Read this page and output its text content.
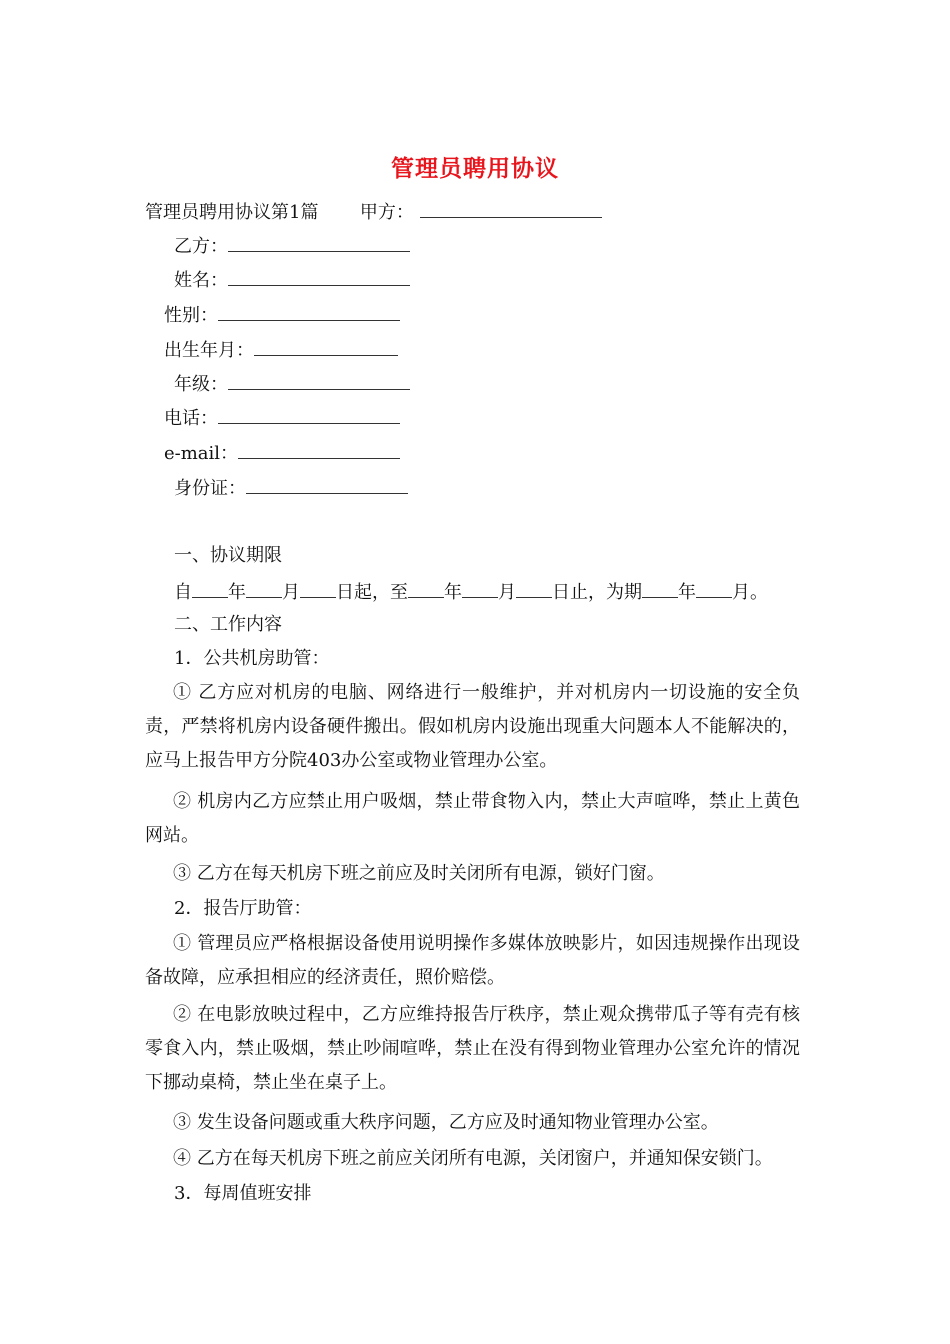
管理员聘用协议
管理员聘用协议第1篇 甲方：
乙方：
姓名：
性别：
出生年月：
年级：
电话：
e-mail：
身份证：
一、协议期限
自 年 月 日起，至 年 月 日止，为期 年 月。
二、工作内容
1．公共机房助管：
① 乙方应对机房的电脑、网络进行一般维护，并对机房内一切设施的安全负责，严禁将机房内设备硬件搬出。假如机房内设施出现重大问题本人不能解决的，应马上报告甲方分院403办公室或物业管理办公室。
② 机房内乙方应禁止用户吸烟，禁止带食物入内，禁止大声喧哗，禁止上黄色网站。
③ 乙方在每天机房下班之前应及时关闭所有电源，锁好门窗。
2．报告厅助管：
① 管理员应严格根据设备使用说明操作多媒体放映影片，如因违规操作出现设备故障，应承担相应的经济责任，照价赔偿。
② 在电影放映过程中，乙方应维持报告厅秩序，禁止观众携带瓜子等有壳有核零食入内，禁止吸烟，禁止吵闹喧哗，禁止在没有得到物业管理办公室允许的情况下挪动桌椅，禁止坐在桌子上。
③ 发生设备问题或重大秩序问题，乙方应及时通知物业管理办公室。
④ 乙方在每天机房下班之前应关闭所有电源，关闭窗户，并通知保安锁门。
3．每周值班安排
